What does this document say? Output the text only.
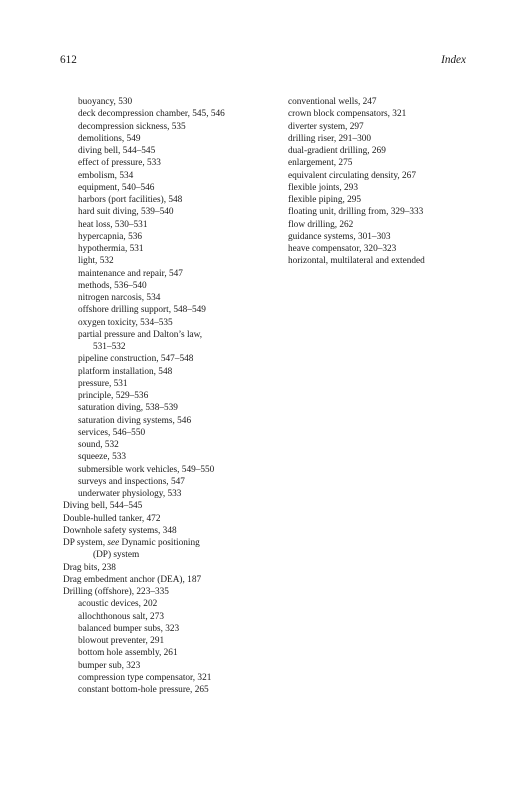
612	Index
buoyancy, 530
deck decompression chamber, 545, 546
decompression sickness, 535
demolitions, 549
diving bell, 544–545
effect of pressure, 533
embolism, 534
equipment, 540–546
harbors (port facilities), 548
hard suit diving, 539–540
heat loss, 530–531
hypercapnia, 536
hypothermia, 531
light, 532
maintenance and repair, 547
methods, 536–540
nitrogen narcosis, 534
offshore drilling support, 548–549
oxygen toxicity, 534–535
partial pressure and Dalton’s law,
531–532
pipeline construction, 547–548
platform installation, 548
pressure, 531
principle, 529–536
saturation diving, 538–539
saturation diving systems, 546
services, 546–550
sound, 532
squeeze, 533
submersible work vehicles, 549–550
surveys and inspections, 547
underwater physiology, 533
Diving bell, 544–545
Double-hulled tanker, 472
Downhole safety systems, 348
DP system, see Dynamic positioning
(DP) system
Drag bits, 238
Drag embedment anchor (DEA), 187
Drilling (offshore), 223–335
acoustic devices, 202
allochthonous salt, 273
balanced bumper subs, 323
blowout preventer, 291
bottom hole assembly, 261
bumper sub, 323
compression type compensator, 321
constant bottom-hole pressure, 265
conventional wells, 247
crown block compensators, 321
diverter system, 297
drilling riser, 291–300
dual-gradient drilling, 269
enlargement, 275
equivalent circulating density, 267
flexible joints, 293
flexible piping, 295
floating unit, drilling from, 329–333
flow drilling, 262
guidance systems, 301–303
heave compensator, 320–323
horizontal, multilateral and extended
